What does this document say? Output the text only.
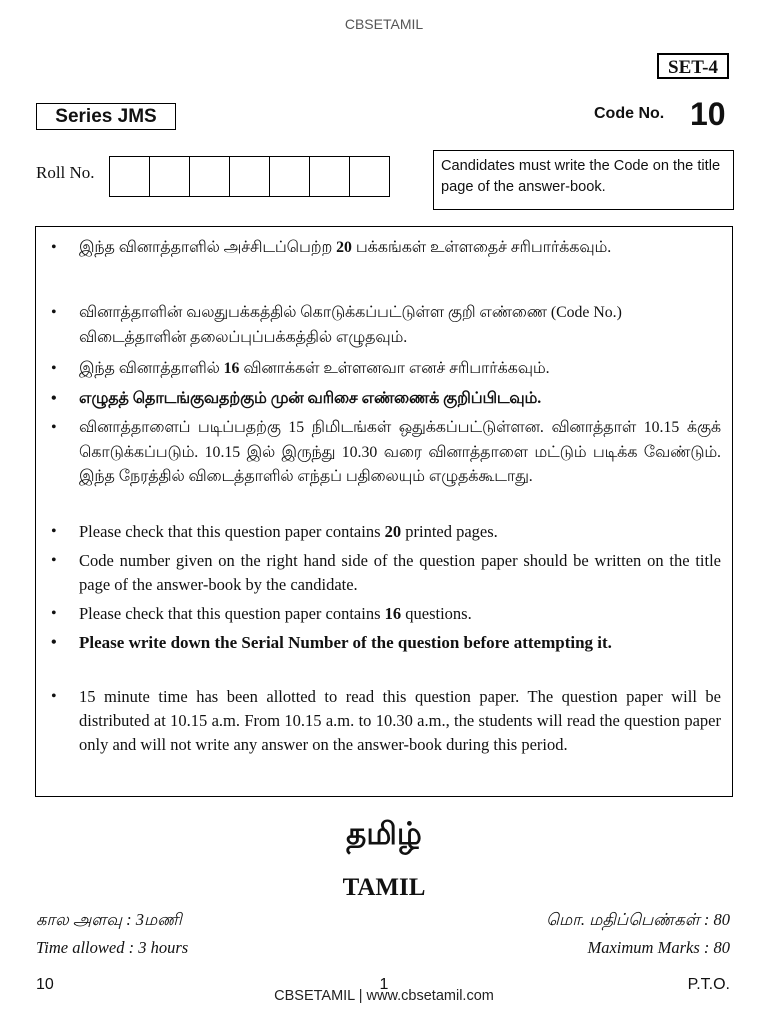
CBSETAMIL
SET-4
Series JMS	Code No. 10
Roll No.	Candidates must write the Code on the title page of the answer-book.
• இந்த வினாத்தாளில் அச்சிடப்பெற்ற 20 பக்கங்கள் உள்ளதைச் சரிபார்க்கவும்.
• வினாத்தாளின் வலதுபக்கத்தில் கொடுக்கப்பட்டுள்ள குறி எண்ணை (Code No.) விடைத்தாளின் தலைப்புப்பக்கத்தில் எழுதவும்.
• இந்த வினாத்தாளில் 16 வினாக்கள் உள்ளனவா எனச் சரிபார்க்கவும்.
• எழுதத் தொடங்குவதற்கும் முன் வரிசை எண்ணைக் குறிப்பிடவும்.
• வினாத்தாளைப் படிப்பதற்கு 15 நிமிடங்கள் ஒதுக்கப்பட்டுள்ளன. வினாத்தாள் 10.15 க்குக் கொடுக்கப்படும். 10.15 இல் இருந்து 10.30 வரை வினாத்தாளை மட்டும் படிக்க வேண்டும். இந்த நேரத்தில் விடைத்தாளில் எந்தப் பதிலையும் எழுதக்கூடாது.
• Please check that this question paper contains 20 printed pages.
• Code number given on the right hand side of the question paper should be written on the title page of the answer-book by the candidate.
• Please check that this question paper contains 16 questions.
• Please write down the Serial Number of the question before attempting it.
• 15 minute time has been allotted to read this question paper. The question paper will be distributed at 10.15 a.m. From 10.15 a.m. to 10.30 a.m., the students will read the question paper only and will not write any answer on the answer-book during this period.
தமிழ்
TAMIL
கால அளவு : 3மணி	மொ. மதிப்பெண்கள் : 80
Time allowed : 3 hours	Maximum Marks : 80
10	1	P.T.O.
CBSETAMIL | www.cbsetamil.com
